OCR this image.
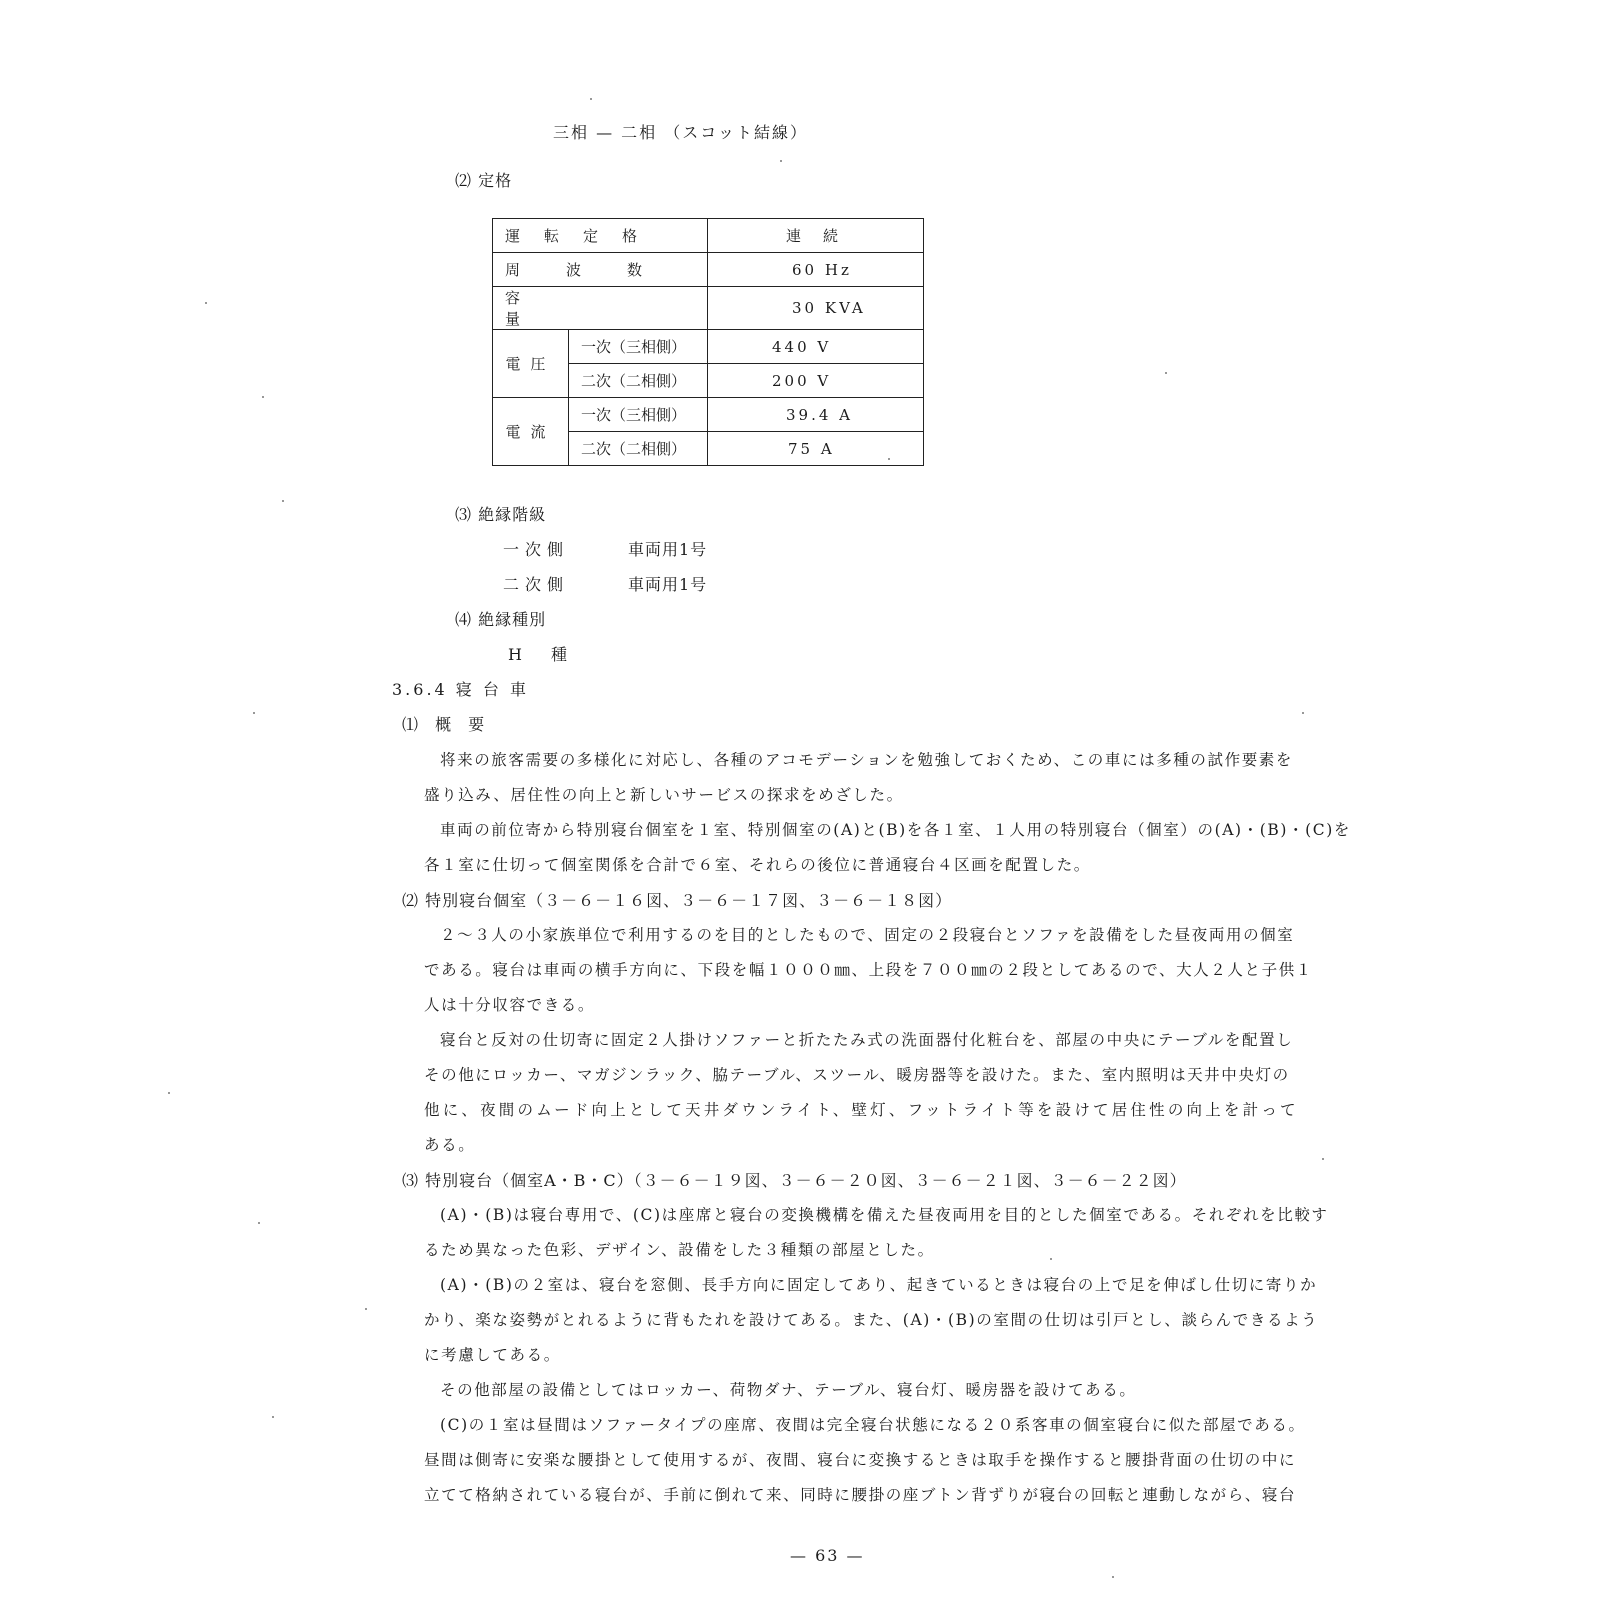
三相 — 二相 （スコット結線）
⑵ 定格
運転定格		連続
周波数		60 Hz
容量		30 KVA
電圧	一次（三相側）	440 V
	二次（二相側）	200 V
電流	一次（三相側）	39.4 A
	二次（二相側）	75 A
⑶ 絶縁階級
一次側	車両用1号
二次側	車両用1号
⑷ 絶縁種別
H 種
3.6.4 寝 台 車
⑴ 概 要
将来の旅客需要の多様化に対応し、各種のアコモデーションを勉強しておくため、この車には多種の試作要素を
盛り込み、居住性の向上と新しいサービスの探求をめざした。
車両の前位寄から特別寝台個室を１室、特別個室の(A)と(B)を各１室、１人用の特別寝台（個室）の(A)・(B)・(C)を
各１室に仕切って個室関係を合計で６室、それらの後位に普通寝台４区画を配置した。
⑵ 特別寝台個室（３－６－１６図、３－６－１７図、３－６－１８図）
２～３人の小家族単位で利用するのを目的としたもので、固定の２段寝台とソファを設備をした昼夜両用の個室
である。寝台は車両の横手方向に、下段を幅１０００㎜、上段を７００㎜の２段としてあるので、大人２人と子供１
人は十分収容できる。
寝台と反対の仕切寄に固定２人掛けソファーと折たたみ式の洗面器付化粧台を、部屋の中央にテーブルを配置し
その他にロッカー、マガジンラック、脇テーブル、スツール、暖房器等を設けた。また、室内照明は天井中央灯の
他に、夜間のムード向上として天井ダウンライト、壁灯、フットライト等を設けて居住性の向上を計って
ある。
⑶ 特別寝台（個室A・B・C）（３－６－１９図、３－６－２０図、３－６－２１図、３－６－２２図）
(A)・(B)は寝台専用で、(C)は座席と寝台の変換機構を備えた昼夜両用を目的とした個室である。それぞれを比較す
るため異なった色彩、デザイン、設備をした３種類の部屋とした。
(A)・(B)の２室は、寝台を窓側、長手方向に固定してあり、起きているときは寝台の上で足を伸ばし仕切に寄りか
かり、楽な姿勢がとれるように背もたれを設けてある。また、(A)・(B)の室間の仕切は引戸とし、談らんできるよう
に考慮してある。
その他部屋の設備としてはロッカー、荷物ダナ、テーブル、寝台灯、暖房器を設けてある。
(C)の１室は昼間はソファータイプの座席、夜間は完全寝台状態になる２０系客車の個室寝台に似た部屋である。
昼間は側寄に安楽な腰掛として使用するが、夜間、寝台に変換するときは取手を操作すると腰掛背面の仕切の中に
立てて格納されている寝台が、手前に倒れて来、同時に腰掛の座ブトン背ずりが寝台の回転と連動しながら、寝台
— 63 —
